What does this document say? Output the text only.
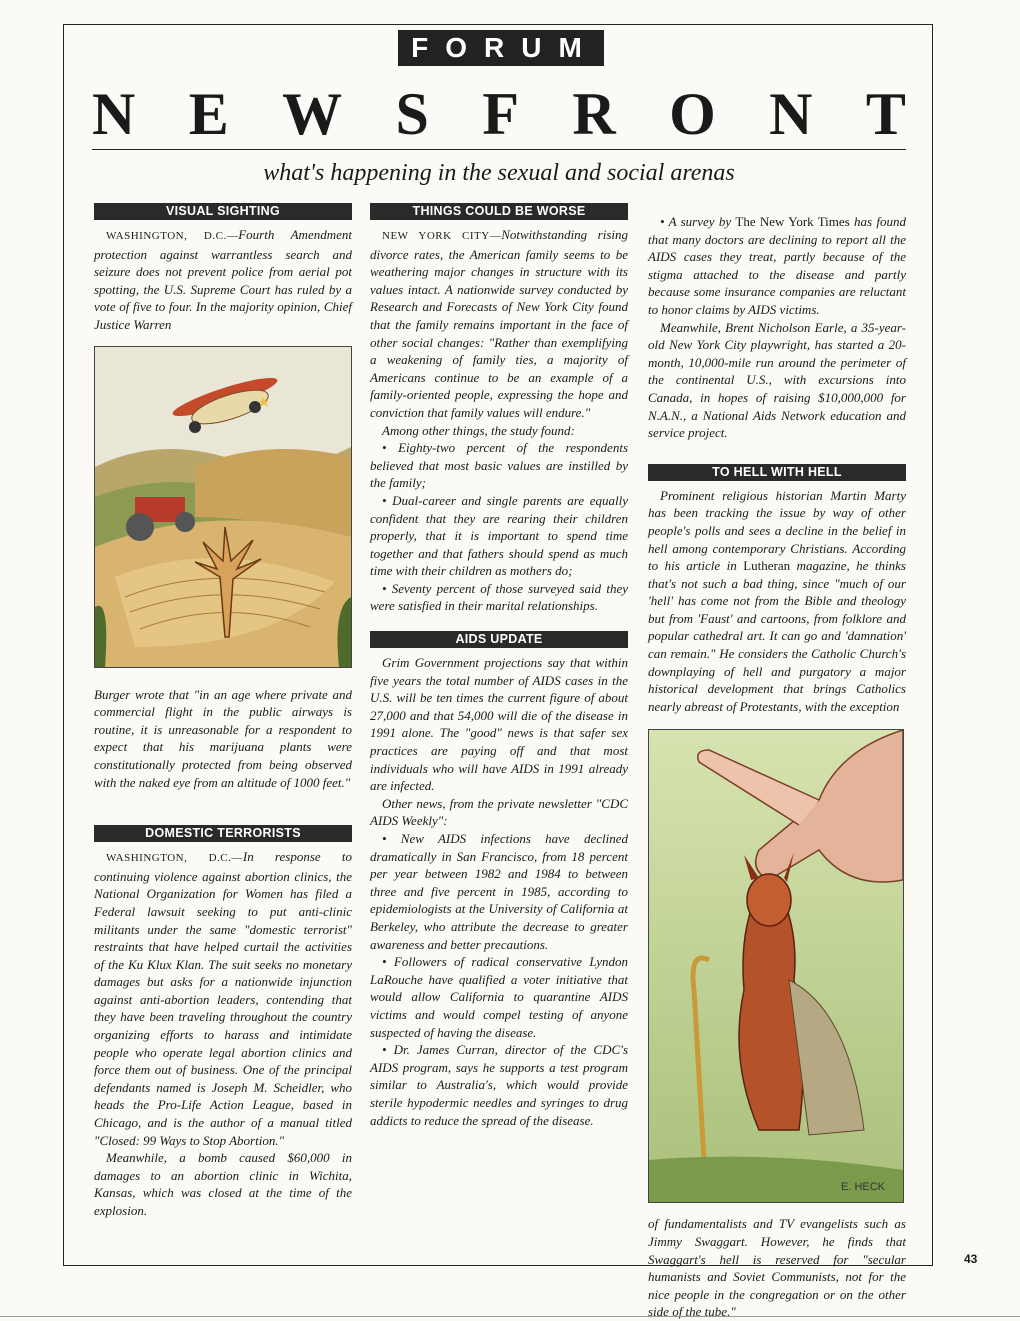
FORUM
N E W S F R O N T
what's happening in the sexual and social arenas
VISUAL SIGHTING

WASHINGTON, D.C.—Fourth Amendment protection against warrantless search and seizure does not prevent police from aerial pot spotting, the U.S. Supreme Court has ruled by a vote of five to four. In the majority opinion, Chief Justice Warren

Burger wrote that "in an age where private and commercial flight in the public airways is routine, it is unreasonable for a respondent to expect that his marijuana plants were constitutionally protected from being observed with the naked eye from an altitude of 1000 feet."

DOMESTIC TERRORISTS

WASHINGTON, D.C.—In response to continuing violence against abortion clinics, the National Organization for Women has filed a Federal lawsuit seeking to put anti-clinic militants under the same "domestic terrorist" restraints that have helped curtail the activities of the Ku Klux Klan. The suit seeks no monetary damages but asks for a nationwide injunction against anti-abortion leaders, contending that they have been traveling throughout the country organizing efforts to harass and intimidate people who operate legal abortion clinics and force them out of business. One of the principal defendants named is Joseph M. Scheidler, who heads the Pro-Life Action League, based in Chicago, and is the author of a manual titled "Closed: 99 Ways to Stop Abortion."

Meanwhile, a bomb caused $60,000 in damages to an abortion clinic in Wichita, Kansas, which was closed at the time of the explosion.

THINGS COULD BE WORSE

NEW YORK CITY—Notwithstanding rising divorce rates, the American family seems to be weathering major changes in structure with its values intact. A nationwide survey conducted by Research and Forecasts of New York City found that the family remains important in the face of other social changes: "Rather than exemplifying a weakening of family ties, a majority of Americans continue to be an example of a family-oriented people, expressing the hope and conviction that family values will endure."

Among other things, the study found:

• Eighty-two percent of the respondents believed that most basic values are instilled by the family;

• Dual-career and single parents are equally confident that they are rearing their children properly, that it is important to spend time together and that fathers should spend as much time with their children as mothers do;

• Seventy percent of those surveyed said they were satisfied in their marital relationships.

AIDS UPDATE

Grim Government projections say that within five years the total number of AIDS cases in the U.S. will be ten times the current figure of about 27,000 and that 54,000 will die of the disease in 1991 alone. The "good" news is that safer sex practices are paying off and that most individuals who will have AIDS in 1991 already are infected.

Other news, from the private newsletter "CDC AIDS Weekly":

• New AIDS infections have declined dramatically in San Francisco, from 18 percent per year between 1982 and 1984 to between three and five percent in 1985, according to epidemiologists at the University of California at Berkeley, who attribute the decrease to greater awareness and better precautions.

• Followers of radical conservative Lyndon LaRouche have qualified a voter initiative that would allow California to quarantine AIDS victims and would compel testing of anyone suspected of having the disease.

• Dr. James Curran, director of the CDC's AIDS program, says he supports a test program similar to Australia's, which would provide sterile hypodermic needles and syringes to drug addicts to reduce the spread of the disease.

• A survey by The New York Times has found that many doctors are declining to report all the AIDS cases they treat, partly because of the stigma attached to the disease and partly because some insurance companies are reluctant to honor claims by AIDS victims.

Meanwhile, Brent Nicholson Earle, a 35-year-old New York City playwright, has started a 20-month, 10,000-mile run around the perimeter of the continental U.S., with excursions into Canada, in hopes of raising $10,000,000 for N.A.N., a National Aids Network education and service project.

TO HELL WITH HELL

Prominent religious historian Martin Marty has been tracking the issue by way of other people's polls and sees a decline in the belief in hell among contemporary Christians. According to his article in Lutheran magazine, he thinks that's not such a bad thing, since "much of our 'hell' has come not from the Bible and theology but from 'Faust' and cartoons, from folklore and popular cathedral art. It can go and 'damnation' can remain." He considers the Catholic Church's downplaying of hell and purgatory a major historical development that brings Catholics nearly abreast of Protestants, with the exception

E. HECK

of fundamentalists and TV evangelists such as Jimmy Swaggart. However, he finds that Swaggart's hell is reserved for "secular humanists and Soviet Communists, not for the nice people in the congregation or on the other side of the tube."

43
